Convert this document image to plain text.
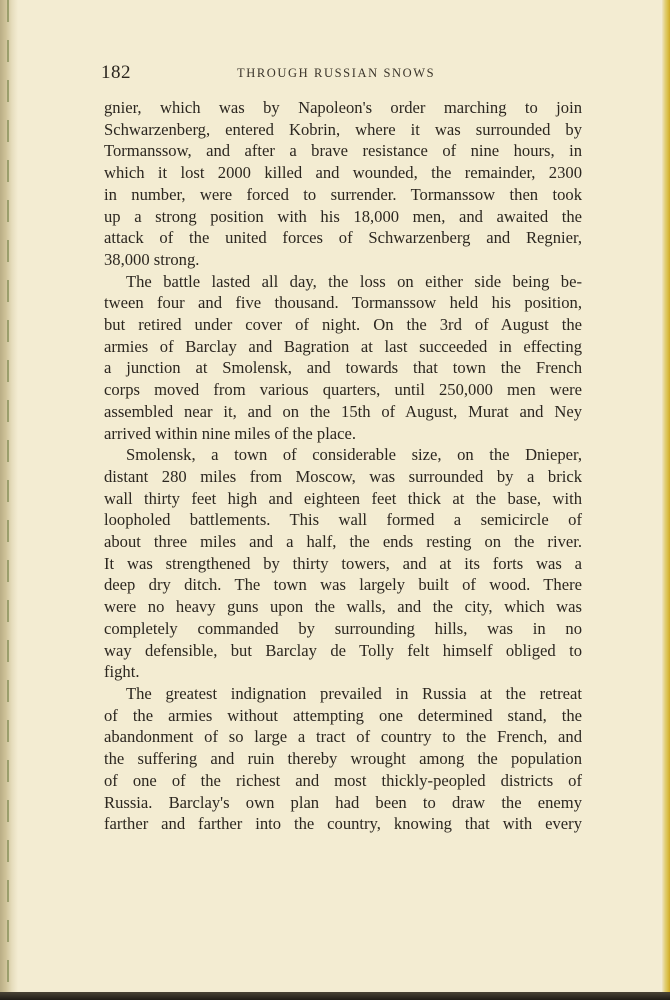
182	THROUGH RUSSIAN SNOWS

gnier, which was by Napoleon's order marching to join
Schwarzenberg, entered Kobrin, where it was surrounded by
Tormanssow, and after a brave resistance of nine hours, in
which it lost 2000 killed and wounded, the remainder, 2300
in number, were forced to surrender. Tormanssow then took
up a strong position with his 18,000 men, and awaited the
attack of the united forces of Schwarzenberg and Regnier,
38,000 strong.

The battle lasted all day, the loss on either side being be-
tween four and five thousand. Tormanssow held his position,
but retired under cover of night. On the 3rd of August the
armies of Barclay and Bagration at last succeeded in effecting
a junction at Smolensk, and towards that town the French
corps moved from various quarters, until 250,000 men were
assembled near it, and on the 15th of August, Murat and Ney
arrived within nine miles of the place.

Smolensk, a town of considerable size, on the Dnieper,
distant 280 miles from Moscow, was surrounded by a brick
wall thirty feet high and eighteen feet thick at the base, with
loopholed battlements. This wall formed a semicircle of
about three miles and a half, the ends resting on the river.
It was strengthened by thirty towers, and at its forts was a
deep dry ditch. The town was largely built of wood. There
were no heavy guns upon the walls, and the city, which was
completely commanded by surrounding hills, was in no
way defensible, but Barclay de Tolly felt himself obliged to
fight.

The greatest indignation prevailed in Russia at the retreat
of the armies without attempting one determined stand, the
abandonment of so large a tract of country to the French, and
the suffering and ruin thereby wrought among the population
of one of the richest and most thickly-peopled districts of
Russia. Barclay's own plan had been to draw the enemy
farther and farther into the country, knowing that with every
